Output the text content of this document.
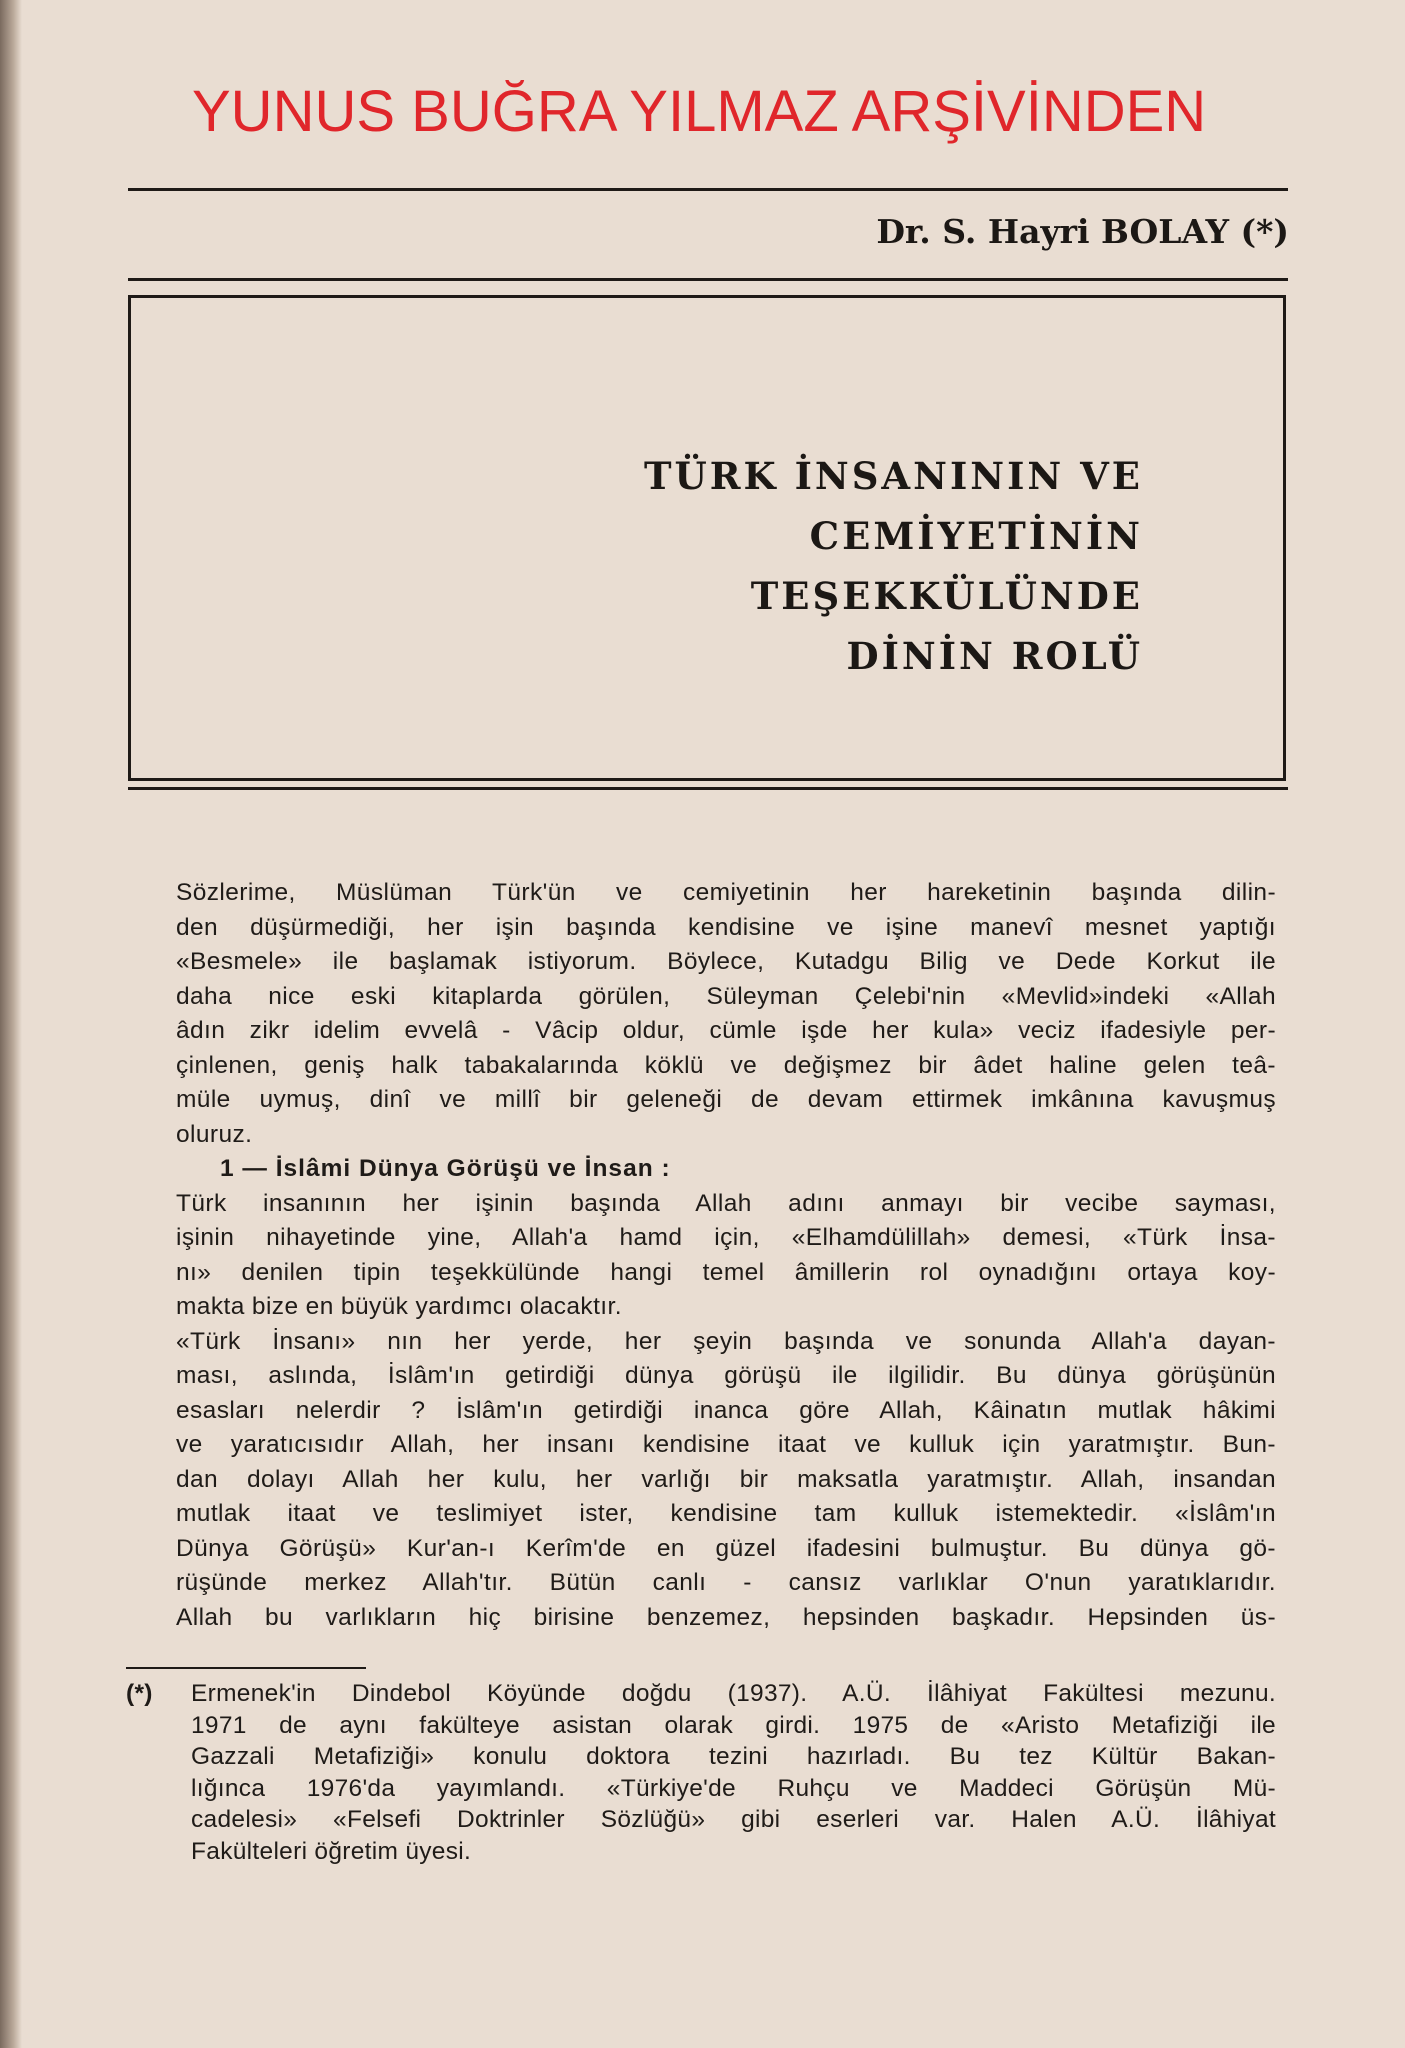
YUNUS BUĞRA YILMAZ ARŞİVİNDEN
Dr. S. Hayri BOLAY (*)
TÜRK İNSANININ VE
CEMİYETİNİN
TEŞEKKÜLÜNDE
DİNİN ROLÜ
Sözlerime, Müslüman Türk'ün ve cemiyetinin her hareketinin başında dilin-
den düşürmediği, her işin başında kendisine ve işine manevî mesnet yaptığı
«Besmele» ile başlamak istiyorum. Böylece, Kutadgu Bilig ve Dede Korkut ile
daha nice eski kitaplarda görülen, Süleyman Çelebi'nin «Mevlid»indeki «Allah
âdın zikr idelim evvelâ - Vâcip oldur, cümle işde her kula» veciz ifadesiyle per-
çinlenen, geniş halk tabakalarında köklü ve değişmez bir âdet haline gelen teâ-
müle uymuş, dinî ve millî bir geleneği de devam ettirmek imkânına kavuşmuş
oluruz.
1 — İslâmi Dünya Görüşü ve İnsan :
Türk insanının her işinin başında Allah adını anmayı bir vecibe sayması,
işinin nihayetinde yine, Allah'a hamd için, «Elhamdülillah» demesi, «Türk İnsa-
nı» denilen tipin teşekkülünde hangi temel âmillerin rol oynadığını ortaya koy-
makta bize en büyük yardımcı olacaktır.
«Türk İnsanı» nın her yerde, her şeyin başında ve sonunda Allah'a dayan-
ması, aslında, İslâm'ın getirdiği dünya görüşü ile ilgilidir. Bu dünya görüşünün
esasları nelerdir ? İslâm'ın getirdiği inanca göre Allah, Kâinatın mutlak hâkimi
ve yaratıcısıdır Allah, her insanı kendisine itaat ve kulluk için yaratmıştır. Bun-
dan dolayı Allah her kulu, her varlığı bir maksatla yaratmıştır. Allah, insandan
mutlak itaat ve teslimiyet ister, kendisine tam kulluk istemektedir. «İslâm'ın
Dünya Görüşü» Kur'an-ı Kerîm'de en güzel ifadesini bulmuştur. Bu dünya gö-
rüşünde merkez Allah'tır. Bütün canlı - cansız varlıklar O'nun yaratıklarıdır.
Allah bu varlıkların hiç birisine benzemez, hepsinden başkadır. Hepsinden üs-
(*) Ermenek'in Dindebol Köyünde doğdu (1937). A.Ü. İlâhiyat Fakültesi mezunu.
1971 de aynı fakülteye asistan olarak girdi. 1975 de «Aristo Metafiziği ile
Gazzali Metafiziği» konulu doktora tezini hazırladı. Bu tez Kültür Bakan-
lığınca 1976'da yayımlandı. «Türkiye'de Ruhçu ve Maddeci Görüşün Mü-
cadelesi» «Felsefi Doktrinler Sözlüğü» gibi eserleri var. Halen A.Ü. İlâhiyat
Fakülteleri öğretim üyesi.
